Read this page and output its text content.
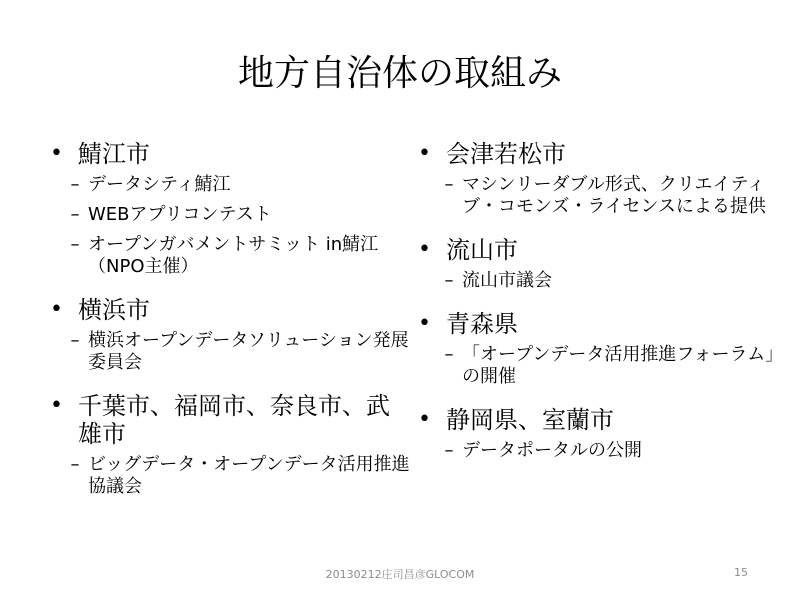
地方自治体の取組み
• 鯖江市
– データシティ鯖江
– WEBアプリコンテスト
– オープンガバメントサミット in鯖江（NPO主催）
• 横浜市
– 横浜オープンデータソリューション発展委員会
• 千葉市、福岡市、奈良市、武雄市
– ビッグデータ・オープンデータ活用推進協議会
• 会津若松市
– マシンリーダブル形式、クリエイティブ・コモンズ・ライセンスによる提供
• 流山市
– 流山市議会
• 青森県
– 「オープンデータ活用推進フォーラム」の開催
• 静岡県、室蘭市
– データポータルの公開
20130212庄司昌彦GLOCOM	15
